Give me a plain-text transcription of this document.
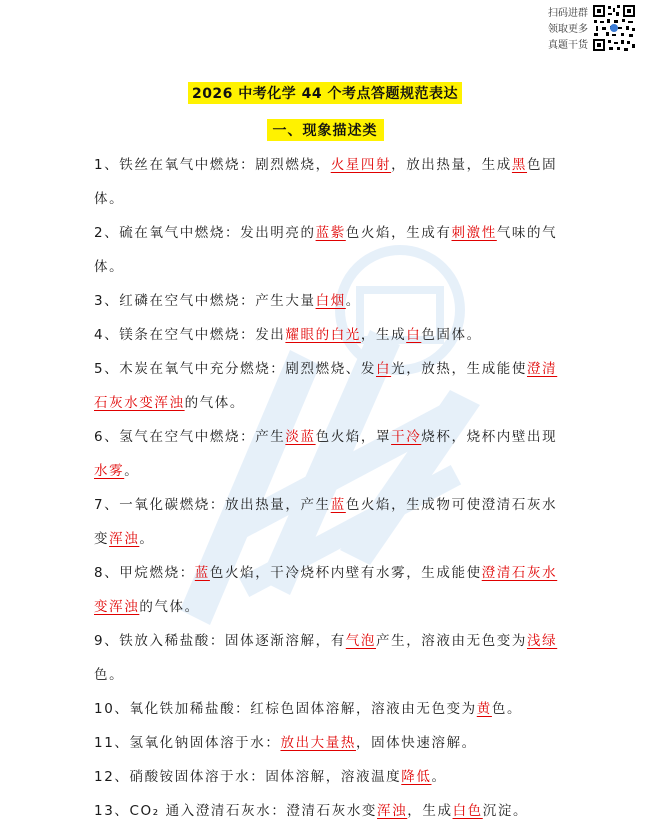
扫码进群
领取更多
真题干货
2026 中考化学 44 个考点答题规范表达
一、现象描述类

1、铁丝在氧气中燃烧：剧烈燃烧，火星四射，放出热量，生成黑色固体。

2、硫在氧气中燃烧：发出明亮的蓝紫色火焰，生成有刺激性气味的气体。

3、红磷在空气中燃烧：产生大量白烟。

4、镁条在空气中燃烧：发出耀眼的白光，生成白色固体。

5、木炭在氧气中充分燃烧：剧烈燃烧、发白光，放热，生成能使澄清石灰水变浑浊的气体。

6、氢气在空气中燃烧：产生淡蓝色火焰，罩干冷烧杯，烧杯内壁出现水雾。

7、一氧化碳燃烧：放出热量，产生蓝色火焰，生成物可使澄清石灰水变浑浊。

8、甲烷燃烧：蓝色火焰，干冷烧杯内壁有水雾，生成能使澄清石灰水变浑浊的气体。

9、铁放入稀盐酸：固体逐渐溶解，有气泡产生，溶液由无色变为浅绿色。

10、氧化铁加稀盐酸：红棕色固体溶解，溶液由无色变为黄色。

11、氢氧化钠固体溶于水：放出大量热，固体快速溶解。

12、硝酸铵固体溶于水：固体溶解，溶液温度降低。

13、CO₂ 通入澄清石灰水：澄清石灰水变浑浊，生成白色沉淀。
